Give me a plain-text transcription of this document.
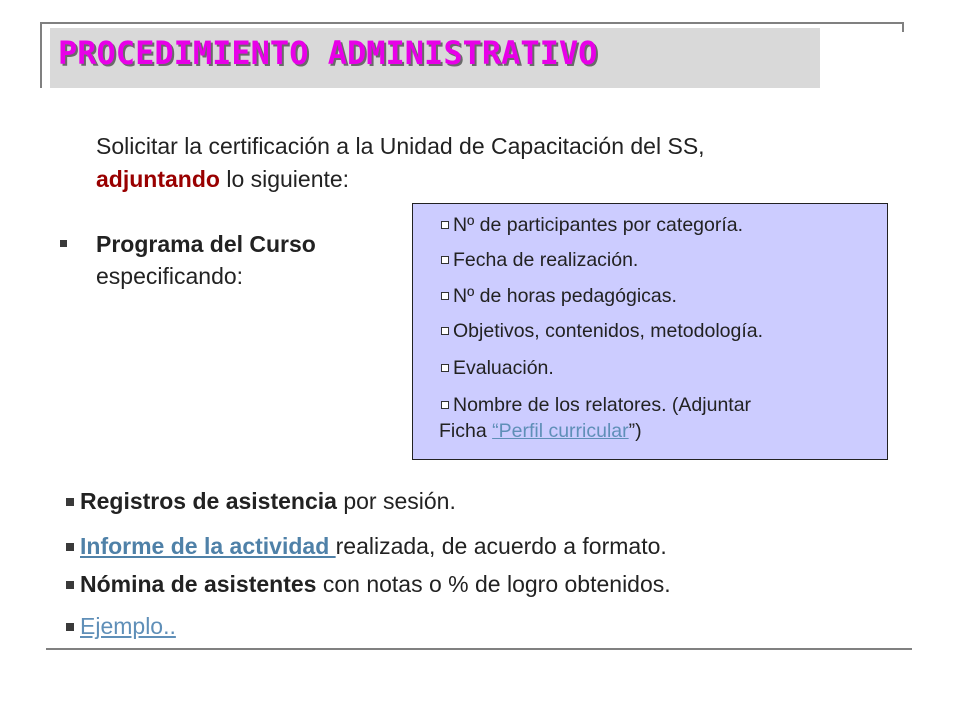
PROCEDIMIENTO ADMINISTRATIVO
Solicitar la certificación a la Unidad de Capacitación del SS,
adjuntando lo siguiente:
Programa del Curso
especificando:
Nº de participantes por categoría.
Fecha de realización.
Nº de horas pedagógicas.
Objetivos, contenidos, metodología.
Evaluación.
Nombre de los relatores. (Adjuntar
Ficha “Perfil curricular”)
Registros de asistencia por sesión.
Informe de la actividad realizada, de acuerdo a formato.
Nómina de asistentes con notas o % de logro obtenidos.
Ejemplo..
